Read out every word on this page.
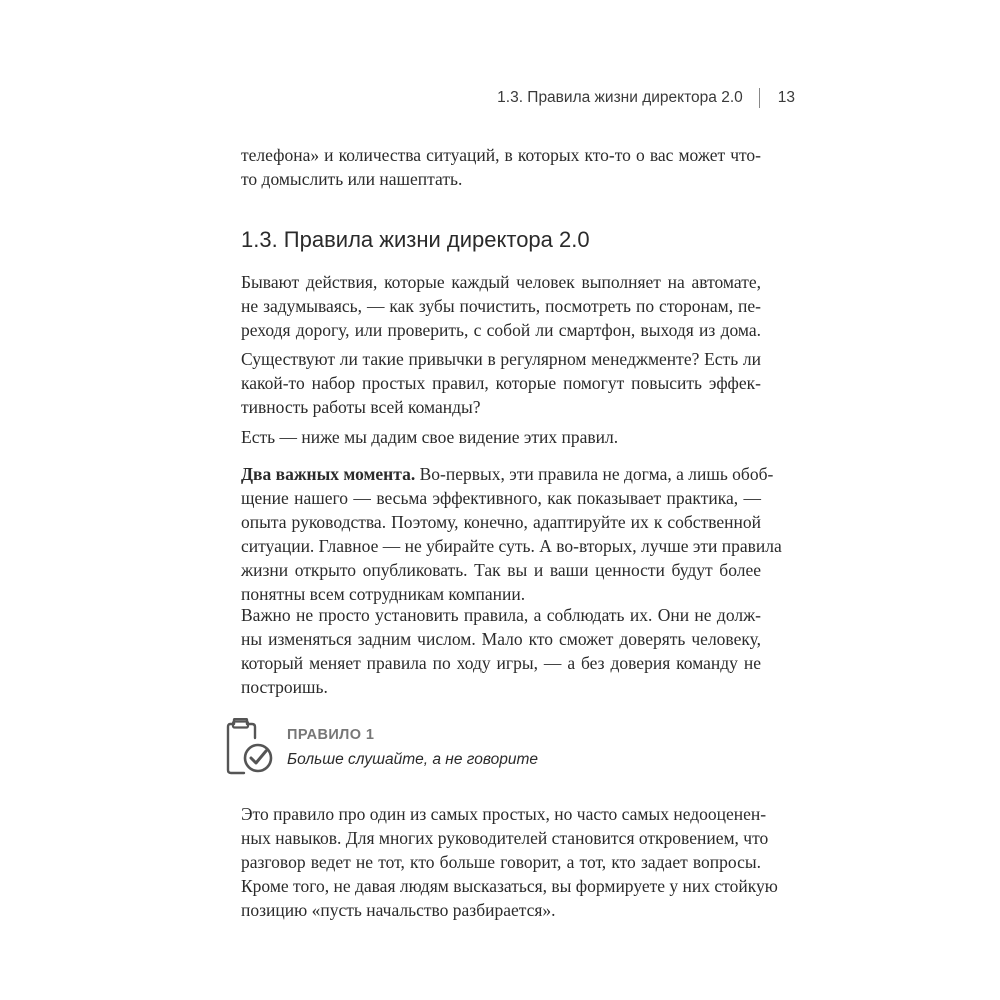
1.3. Правила жизни директора 2.0 13
телефона» и количества ситуаций, в которых кто-то о вас может что-
то домыслить или нашептать.
1.3. Правила жизни директора 2.0
Бывают действия, которые каждый человек выполняет на автомате,
не задумываясь, — как зубы почистить, посмотреть по сторонам, пе-
реходя дорогу, или проверить, с собой ли смартфон, выходя из дома.
Существуют ли такие привычки в регулярном менеджменте? Есть ли
какой-то набор простых правил, которые помогут повысить эффек-
тивность работы всей команды?
Есть — ниже мы дадим свое видение этих правил.
Два важных момента. Во-первых, эти правила не догма, а лишь обоб-
щение нашего — весьма эффективного, как показывает практика, —
опыта руководства. Поэтому, конечно, адаптируйте их к собственной
ситуации. Главное — не убирайте суть. А во-вторых, лучше эти правила
жизни открыто опубликовать. Так вы и ваши ценности будут более
понятны всем сотрудникам компании.
Важно не просто установить правила, а соблюдать их. Они не долж-
ны изменяться задним числом. Мало кто сможет доверять человеку,
который меняет правила по ходу игры, — а без доверия команду не
построишь.
ПРАВИЛО 1
Больше слушайте, а не говорите
Это правило про один из самых простых, но часто самых недооценен-
ных навыков. Для многих руководителей становится откровением, что
разговор ведет не тот, кто больше говорит, а тот, кто задает вопросы.
Кроме того, не давая людям высказаться, вы формируете у них стойкую
позицию «пусть начальство разбирается».
